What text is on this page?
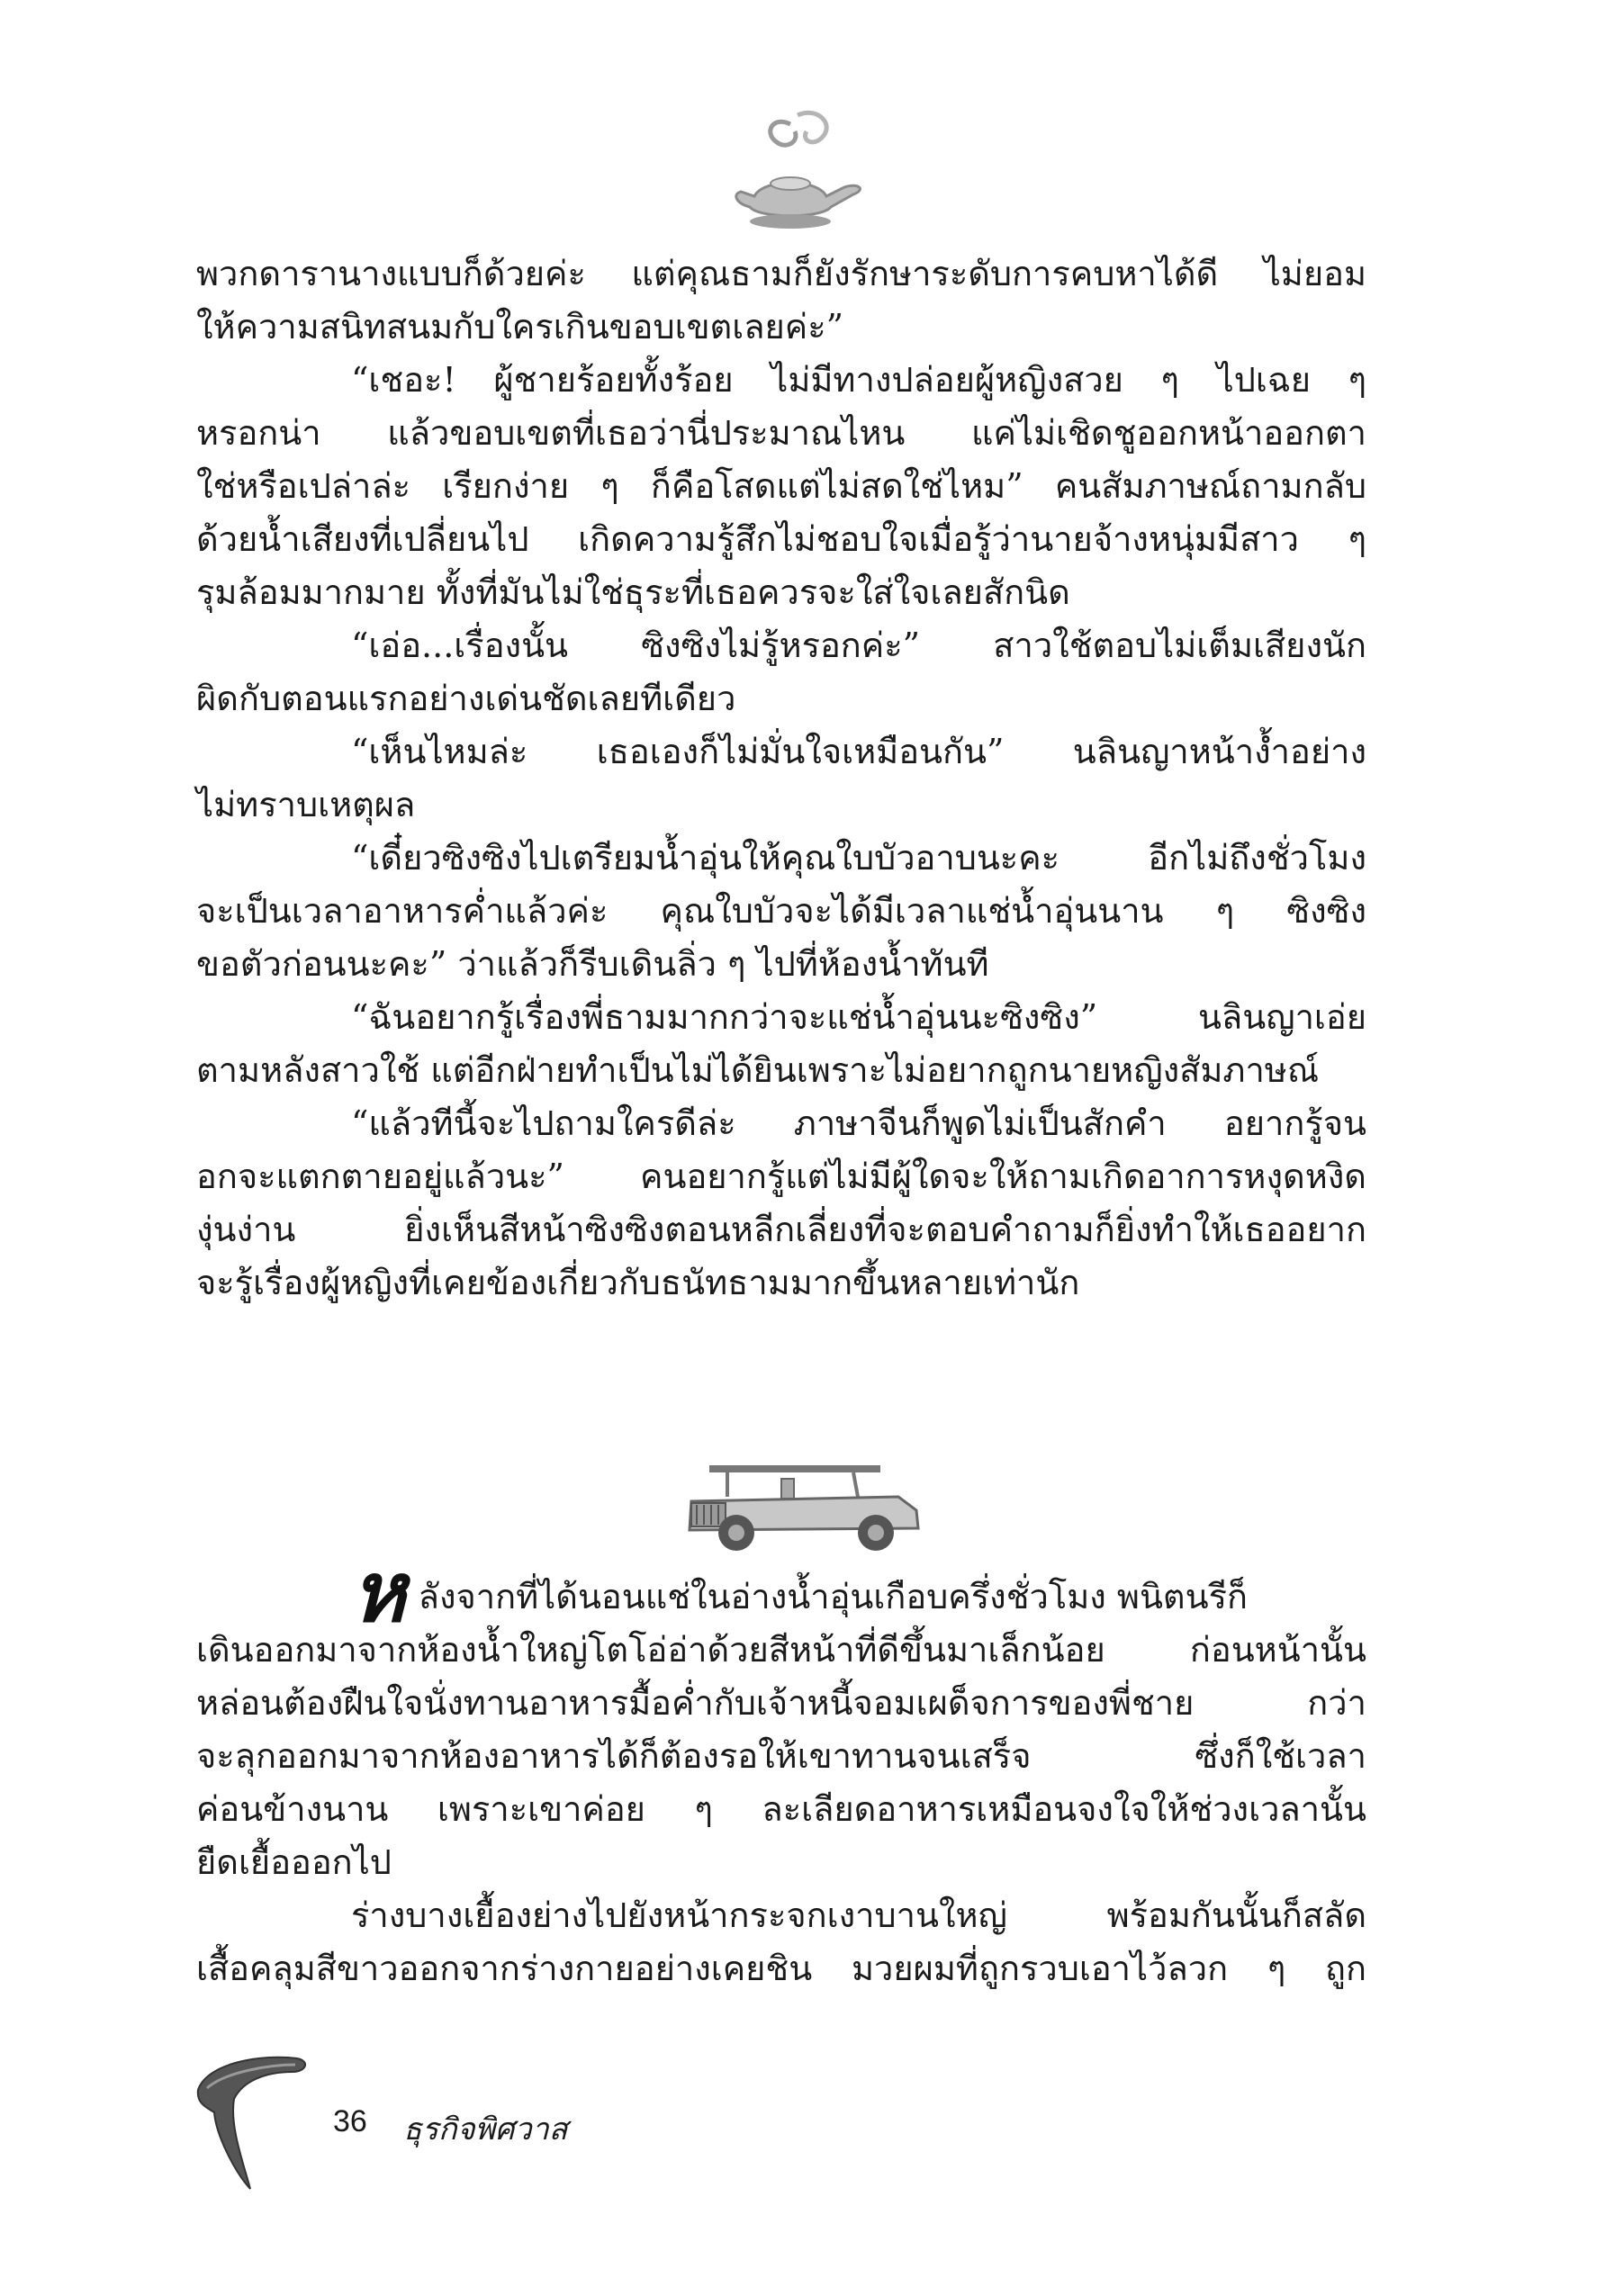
พวกดารานางแบบก็ด้วยค่ะ แต่คุณธามก็ยังรักษาระดับการคบหาได้ดี ไม่ยอม
ให้ความสนิทสนมกับใครเกินขอบเขตเลยค่ะ”
“เชอะ! ผู้ชายร้อยทั้งร้อย ไม่มีทางปล่อยผู้หญิงสวย ๆ ไปเฉย ๆ
หรอกน่า แล้วขอบเขตที่เธอว่านี่ประมาณไหน แค่ไม่เชิดชูออกหน้าออกตา
ใช่หรือเปล่าล่ะ เรียกง่าย ๆ ก็คือโสดแต่ไม่สดใช่ไหม” คนสัมภาษณ์ถามกลับ
ด้วยน้ำเสียงที่เปลี่ยนไป เกิดความรู้สึกไม่ชอบใจเมื่อรู้ว่านายจ้างหนุ่มมีสาว ๆ
รุมล้อมมากมาย ทั้งที่มันไม่ใช่ธุระที่เธอควรจะใส่ใจเลยสักนิด
“เอ่อ...เรื่องนั้น ซิงซิงไม่รู้หรอกค่ะ” สาวใช้ตอบไม่เต็มเสียงนัก
ผิดกับตอนแรกอย่างเด่นชัดเลยทีเดียว
“เห็นไหมล่ะ เธอเองก็ไม่มั่นใจเหมือนกัน” นลินญาหน้างํ้าอย่าง
ไม่ทราบเหตุผล
“เดี๋ยวซิงซิงไปเตรียมน้ำอุ่นให้คุณใบบัวอาบนะคะ อีกไม่ถึงชั่วโมง
จะเป็นเวลาอาหารค่ำแล้วค่ะ คุณใบบัวจะได้มีเวลาแช่น้ำอุ่นนาน ๆ ซิงซิง
ขอตัวก่อนนะคะ” ว่าแล้วก็รีบเดินลิ่ว ๆ ไปที่ห้องน้ำทันที
“ฉันอยากรู้เรื่องพี่ธามมากกว่าจะแช่น้ำอุ่นนะซิงซิง” นลินญาเอ่ย
ตามหลังสาวใช้ แต่อีกฝ่ายทำเป็นไม่ได้ยินเพราะไม่อยากถูกนายหญิงสัมภาษณ์
“แล้วทีนี้จะไปถามใครดีล่ะ ภาษาจีนก็พูดไม่เป็นสักคำ อยากรู้จน
อกจะแตกตายอยู่แล้วนะ” คนอยากรู้แต่ไม่มีผู้ใดจะให้ถามเกิดอาการหงุดหงิด
งุ่นง่าน ยิ่งเห็นสีหน้าซิงซิงตอนหลีกเลี่ยงที่จะตอบคำถามก็ยิ่งทำให้เธออยาก
จะรู้เรื่องผู้หญิงที่เคยข้องเกี่ยวกับธนัทธามมากขึ้นหลายเท่านัก
ห ลังจากที่ได้นอนแช่ในอ่างน้ำอุ่นเกือบครึ่งชั่วโมง พนิตนรีก็
เดินออกมาจากห้องน้ำใหญ่โตโอ่อ่าด้วยสีหน้าที่ดีขึ้นมาเล็กน้อย ก่อนหน้านั้น
หล่อนต้องฝืนใจนั่งทานอาหารมื้อค่ำกับเจ้าหนี้จอมเผด็จการของพี่ชาย กว่า
จะลุกออกมาจากห้องอาหารได้ก็ต้องรอให้เขาทานจนเสร็จ ซึ่งก็ใช้เวลา
ค่อนข้างนาน เพราะเขาค่อย ๆ ละเลียดอาหารเหมือนจงใจให้ช่วงเวลานั้น
ยืดเยื้อออกไป
ร่างบางเยื้องย่างไปยังหน้ากระจกเงาบานใหญ่ พร้อมกันนั้นก็สลัด
เสื้อคลุมสีขาวออกจากร่างกายอย่างเคยชิน มวยผมที่ถูกรวบเอาไว้ลวก ๆ ถูก
36 ธุรกิจพิศวาส
